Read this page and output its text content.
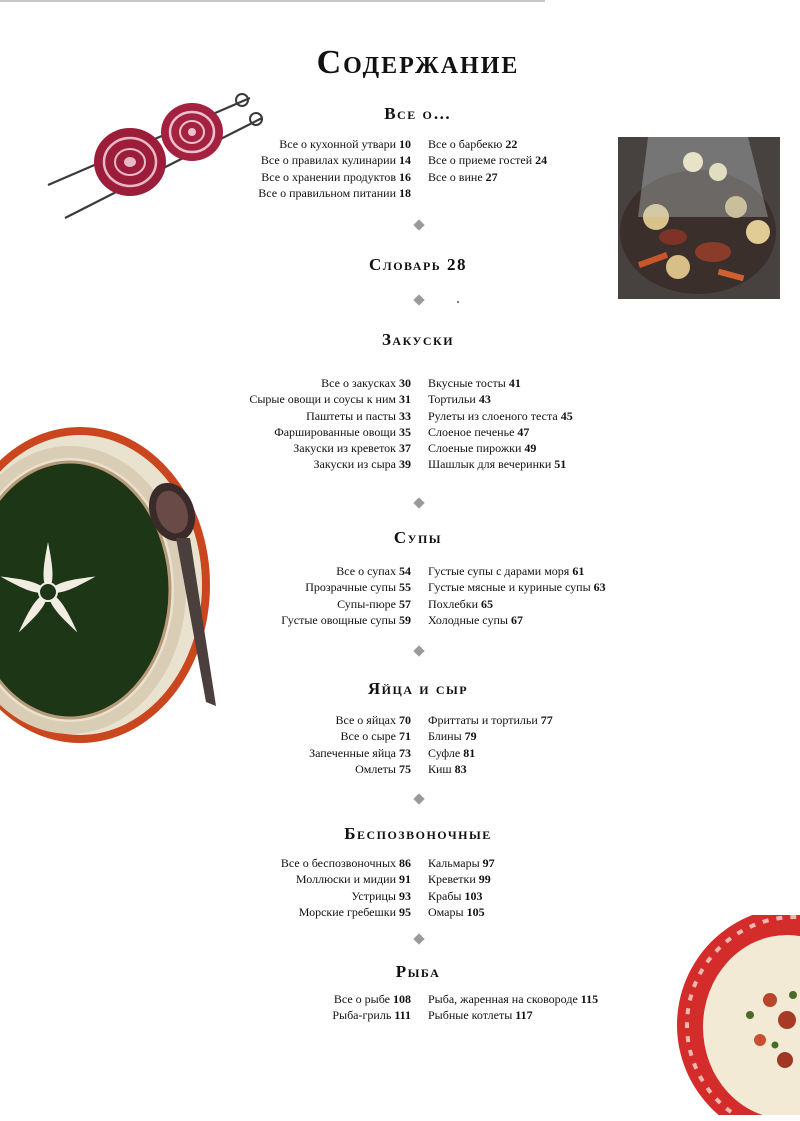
Содержание
Все о…
Все о кухонной утвари 10
Все о правилах кулинарии 14
Все о хранении продуктов 16
Все о правильном питании 18
Все о барбекю 22
Все о приеме гостей 24
Все о вине 27
Словарь 28
Закуски
Все о закусках 30
Сырые овощи и соусы к ним 31
Паштеты и пасты 33
Фаршированные овощи 35
Закуски из креветок 37
Закуски из сыра 39
Вкусные тосты 41
Тортильи 43
Рулеты из слоеного теста 45
Слоеное печенье 47
Слоеные пирожки 49
Шашлык для вечеринки 51
Супы
Все о супах 54
Прозрачные супы 55
Супы-пюре 57
Густые овощные супы 59
Густые супы с дарами моря 61
Густые мясные и куриные супы 63
Похлебки 65
Холодные супы 67
Яйца и сыр
Все о яйцах 70
Все о сыре 71
Запеченные яйца 73
Омлеты 75
Фриттаты и тортильи 77
Блины 79
Суфле 81
Киш 83
Беспозвоночные
Все о беспозвоночных 86
Моллюски и мидии 91
Устрицы 93
Морские гребешки 95
Кальмары 97
Креветки 99
Крабы 103
Омары 105
Рыба
Все о рыбе 108
Рыба-гриль 111
Рыба, жаренная на сковороде 115
Рыбные котлеты 117
